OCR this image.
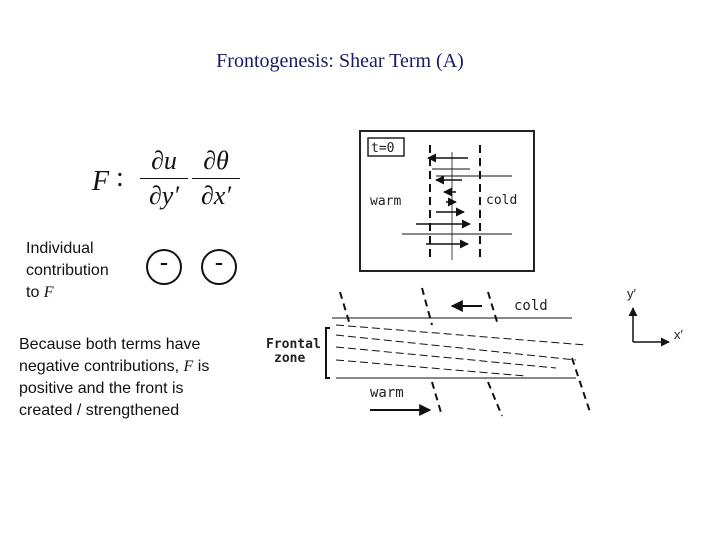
Frontogenesis: Shear Term (A)
F : $\frac{\partial u}{\partial y'} \frac{\partial\theta}{\partial x'}$
Individual
contribution
to F
-	-
Because both terms have negative contributions, F is positive and the front is created / strengthened
t=0
warm	cold
cold
Frontal
zone
warm
y′
x′
